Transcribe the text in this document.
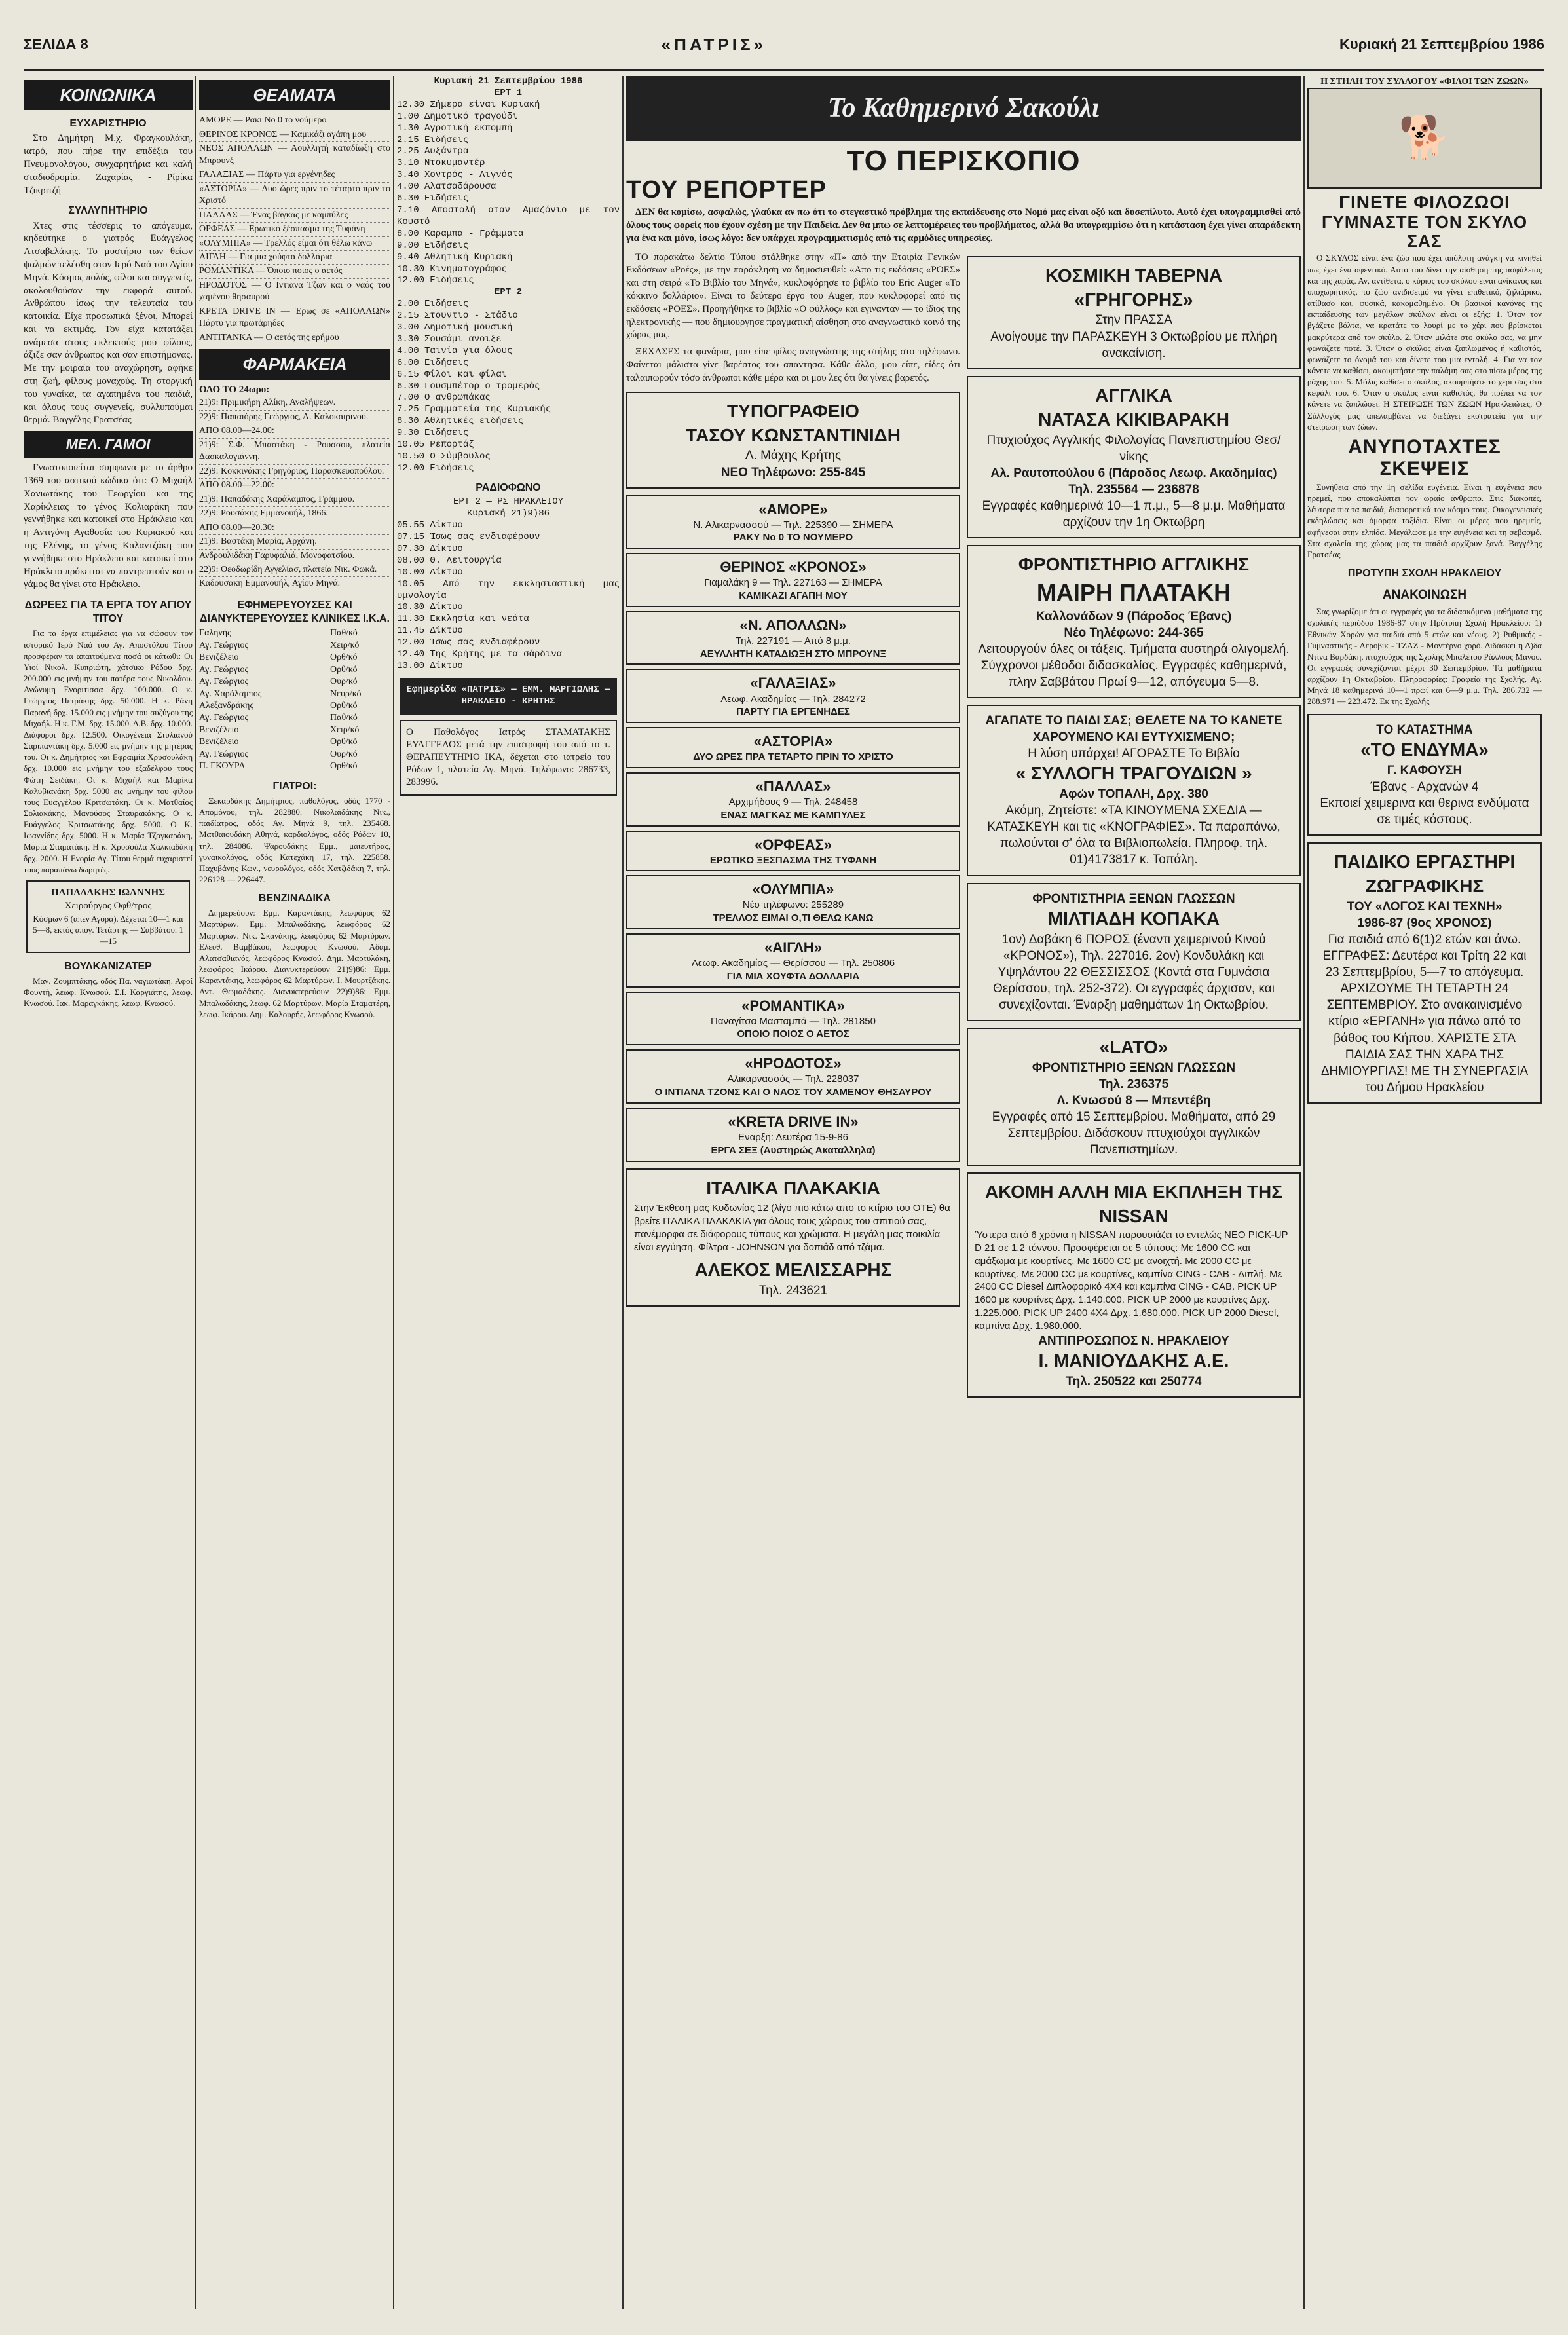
ΣΕΛΙΔΑ 8	«ΠΑΤΡΙΣ»	Κυριακή 21 Σεπτεμβρίου 1986
ΚΟΙΝΩΝΙΚΑ
ΕΥΧΑΡΙΣΤΗΡΙΟ

Στο Δημήτρη Μ.χ. Φραγκουλάκη, ιατρό, που πήρε την επιδέξια του Πνευμονολόγου, συγχαρητήρια και καλή σταδιοδρομία. Ζαχαρίας - Ρίρίκα Τζικριτζή

ΣΥΛΛΥΠΗΤΗΡΙΟ

Χτες στις τέσσερις το απόγευμα, κηδεύτηκε ο γιατρός Ευάγγελος Ατσαβελάκης. Το μυστήριο των θείων ψαλμών τελέσθη στον Ιερό Ναό του Αγίου Μηνά. Κόσμος πολύς, φίλοι και συγγενείς, ακολουθούσαν την εκφορά αυτού. Ανθρώπου ίσως την τελευταία του κατοικία. Είχε προσωπικά ξένοι, Μπορεί και να εκτιμάς. Τον είχα κατατάξει ανάμεσα στους εκλεκτούς μου φίλους, άξιζε σαν άνθρωπος και σαν επιστήμονας. Με την μοιραία του αναχώρηση, αφήκε στη ζωή, φίλους μοναχούς. Τη στοργική του γυναίκα, τα αγαπημένα του παιδιά, και όλους τους συγγενείς, συλλυπούμαι θερμά. Βαγγέλης Γρατσέας

ΜΕΛ. ΓΑΜΟΙ

Γνωστοποιείται συμφωνα με το άρθρο 1369 του αστικού κώδικα ότι: Ο Μιχαήλ Χανιωτάκης του Γεωργίου και της Χαρίκλειας το γένος Κολιαράκη που γεννήθηκε και κατοικεί στο Ηράκλειο και η Αντιγόνη Αγαθοσία του Κυριακού και της Ελένης, το γένος Καλαντζάκη που γεννήθηκε στο Ηράκλειο και κατοικεί στο Ηράκλειο πρόκειται να παντρευτούν και ο γάμος θα γίνει στο Ηράκλειο.

ΔΩΡΕΕΣ ΓΙΑ ΤΑ ΕΡΓΑ ΤΟΥ ΑΓΙΟΥ ΤΙΤΟΥ

Για τα έργα επιμέλειας για να σώσουν τον ιστορικό Ιερό Ναό του Αγ. Αποστόλου Τίτου προσφέραν τα απαιτούμενα ποσά οι κάτωθι: Οι Υιοί Νικολ. Κυπριώτη, χάτσικο Ρόδου δρχ. 200.000 εις μνήμην του πατέρα τους Νικολάου. Ανώνυμη Ενοριτισσα δρχ. 100.000. Ο κ. Γεώργιος Πετράκης δρχ. 50.000. Η κ. Ράνη Παρανή δρχ. 15.000 εις μνήμην του συζύγου της Μιχαήλ. Η κ. Γ.Μ. δρχ. 15.000. Δ.Β. δρχ. 10.000. Διάφοροι δρχ. 12.500. Οικογένεια Στυλιανού Σαριπαντάκη δρχ. 5.000 εις μνήμην της μητέρας του. Οι κ. Δημήτριος και Εφραιμία Χρυσουλάκη δρχ. 10.000 εις μνήμην του εξαδέλφου τους Φώτη Σειδάκη. Οι κ. Μιχαήλ και Μαρίκα Καλυβιανάκη δρχ. 5000 εις μνήμην του φίλου τους Ευαγγέλου Κριτσωτάκη. Οι κ. Ματθαίος Σολιακάκης, Μανούσος Σταυρακάκης. Ο κ. Ευάγγελος Κριτσωτάκης δρχ. 5000. Ο Κ. Ιωαννίδης δρχ. 5000. Η κ. Μαρία Τζαγκαράκη, Μαρία Σταματάκη. Η κ. Χρυσούλα Χαλκιαδάκη δρχ. 2000. Η Ενορία Αγ. Τίτου θερμά ευχαριστεί τους παραπάνω δωρητές.

ΠΑΠΑΔΑΚΗΣ ΙΩΑΝΝΗΣ
Χειρούργος Οφθ/τρος
Κόσμων 6 (απέν Αγορά). Δέχεται 10—1 και 5—8, εκτός απόγ. Τετάρτης — Σαββάτου. 1—15
ΒΟΥΛΚΑΝΙΖΑΤΕΡ

Μαν. Ζουμπτάκης, οδός Πα. ναγιωτάκη. Αφοί Φουντή, λεωφ. Κνωσού. Σ.Ι. Καργιάτης, λεωφ. Κνωσού. Ιακ. Μαραγκάκης, λεωφ. Κνωσού.

ΘΕΑΜΑΤΑ
ΑΜΟΡΕ — Ρακι Νο 0 το νούμερο
ΘΕΡΙΝΟΣ ΚΡΟΝΟΣ — Καμικάζι αγάπη μου
ΝΕΟΣ ΑΠΟΛΛΩΝ — Αουλλητή καταδίωξη στο Μπρουνξ
ΓΑΛΑΞΙΑΣ — Πάρτυ για εργένηδες
«ΑΣΤΟΡΙΑ» — Δυο ώρες πριν το τέταρτο πριν το Χριστό
ΠΑΛΛΑΣ — Ένας βάγκας με καμπύλες
ΟΡΦΕΑΣ — Ερωτικό ξέσπασμα της Τυφάνη
«ΟΛΥΜΠΙΑ» — Τρελλός είμαι ότι θέλω κάνω
ΑΙΓΛΗ — Για μια χούφτα δολλάρια
ΡΟΜΑΝΤΙΚΑ — Όποιο ποιος ο αετός
ΗΡΟΔΟΤΟΣ — Ο Ιντιανα Τζων και ο ναός του χαμένου θησαυρού
ΚΡΕΤΑ DRIVE IN — Έρως σε «ΑΠΟΛΛΩΝ» Πάρτυ για πρωτάρηδες
ΑΝΤΙΤΑΝΚΑ — Ο αετός της ερήμου
ΦΑΡΜΑΚΕΙΑ
ΟΛΟ ΤΟ 24ωρο:
21)9: Πριμικήρη Αλίκη, Αναλήψεων.
22)9: Παπαιόρης Γεώργιος, Λ. Καλοκαιρινού.
ΑΠΟ 08.00—24.00:
21)9: Σ.Φ. Μπαστάκη - Ρουσσου, πλατεία Δασκαλογιάννη.
22)9: Κοκκινάκης Γρηγόριος, Παρασκευοπούλου.
ΑΠΟ 08.00—22.00:
21)9: Παπαδάκης Χαράλαμπος, Γράμμου.
22)9: Ρουσάκης Εμμανουήλ, 1866.
ΑΠΟ 08.00—20.30:
21)9: Βαστάκη Μαρία, Αρχάνη.
Ανδρουλιδάκη Γαρυφαλιά, Μονοφατσίου.
22)9: Θεοδωρίδη Αγγελίασ, πλατεία Νικ. Φωκά.
Καδουσακη Εμμανουήλ, Αγίου Μηνά.
ΕΦΗΜΕΡΕΥΟΥΣΕΣ ΚΑΙ ΔΙΑΝΥΚΤΕΡΕΥΟΥΣΕΣ ΚΛΙΝΙΚΕΣ Ι.Κ.Α.
Γαληνής	Παθ/κό
Αγ. Γεώργιος	Χειρ/κό
Βενιζέλειο	Ορθ/κό
Αγ. Γεώργιος	Ορθ/κό
Αγ. Γεώργιος	Ουρ/κό
Αγ. Χαράλαμπος	Νευρ/κό
Αλεξανδράκης	Ορθ/κό
Αγ. Γεώργιος	Παθ/κό
Βενιζέλειο	Χειρ/κό
Βενιζέλειο	Ορθ/κό
Αγ. Γεώργιος	Ουρ/κό
Π. ΓΚΟΥΡΑ	Ορθ/κό
ΓΙΑΤΡΟΙ:

Ξεκαρδάκης Δημήτριος, παθολόγος, οδός 1770 - Απομόνου, τηλ. 282880. Νικολαϊδάκης Νικ., παιδίατρος, οδός Αγ. Μηνά 9, τηλ. 235468. Ματθαιουδάκη Αθηνά, καρδιολόγος, οδός Ρόδων 10, τηλ. 284086. Ψαρουδάκης Εμμ., μαιευτήρας, γυναικολόγος, οδός Κατεχάκη 17, τηλ. 225858. Παχυβάνης Κων., νευρολόγος, οδός Χατζιδάκη 7, τηλ. 226128 — 226447.

ΒΕΝΖΙΝΑΔΙΚΑ

Διημερεύουν: Εμμ. Καραντάκης, λεωφόρος 62 Μαρτύρων. Εμμ. Μπαλωδάκης, λεωφόρος 62 Μαρτύρων. Νικ. Σκανάκης, λεωφόρος 62 Μαρτύρων. Ελευθ. Βαμβάκου, λεωφόρος Κνωσού. Αδαμ. Αλατσαθιανός, λεωφόρος Κνωσού. Δημ. Μαρτυλάκη, λεωφόρος Ικάρου. Διανυκτερεύουν 21)9)86: Εμμ. Καραντάκης, λεωφόρος 62 Μαρτύρων. Ι. Μουρτζάκης. Αντ. Θωμαδάκης. Διανυκτερεύουν 22)9)86: Εμμ. Μπαλωδάκης, λεωφ. 62 Μαρτύρων. Μαρία Σταματέρη, λεωφ. Ικάρου. Δημ. Καλουρής, λεωφόρος Κνωσού.

Κυριακή 21 Σεπτεμβρίου 1986
ΕΡΤ 1
12.30 Σήμερα είναι Κυριακή
1.00 Δημοτικό τραγούδι
1.30 Αγροτική εκπομπή
2.15 Ειδήσεις
2.25 Αυξάντρα
3.10 Ντοκυμαντέρ
3.40 Χοντρός - Λιγνός
4.00 Αλατσαδάρουσα
6.30 Ειδήσεις
7.10 Αποστολή αταν Αμαζόνιο με τον Κουστό
8.00 Καραμπα - Γράμματα
9.00 Ειδήσεις
9.40 Αθλητική Κυριακή
10.30 Κινηματογράφος
12.00 Ειδήσεις
ΕΡΤ 2
2.00 Ειδήσεις
2.15 Στουντιο - Στάδιο
3.00 Δημοτική μουσική
3.30 Σουσάμι ανοιξε
4.00 Ταινία για όλους
6.00 Ειδήσεις
6.15 Φίλοι και φίλαι
6.30 Γουσμπέτορ ο τρομερός
7.00 Ο ανθρωπάκας
7.25 Γραμματεία της Κυριακής
8.30 Αθλητικές ειδήσεις
9.30 Ειδήσεις
10.05 Ρεπορτάζ
10.50 Ο Σύμβουλος
12.00 Ειδήσεις
ΡΑΔΙΟΦΩΝΟ
ΕΡΤ 2 — ΡΣ ΗΡΑΚΛΕΙΟΥ
Κυριακή 21)9)86
05.55 Δίκτυο
07.15 Ίσως σας ενδιαφέρουν
07.30 Δίκτυο
08.00 Θ. Λειτουργία
10.00 Δίκτυο
10.05 Από την εκκλησιαστική μας υμνολογία
10.30 Δίκτυο
11.30 Εκκλησία και νεάτα
11.45 Δίκτυο
12.00 Ίσως σας ενδιαφέρουν
12.40 Της Κρήτης με τα σάρδινα
13.00 Δίκτυο
Εφημερίδα «ΠΑΤΡΙΣ» — ΕΜΜ. ΜΑΡΓΙΩΛΗΣ — ΗΡΑΚΛΕΙΟ - ΚΡΗΤΗΣ
Ο Παθολόγος Ιατρός ΣΤΑΜΑΤΑΚΗΣ ΕΥΑΓΓΕΛΟΣ μετά την επιστροφή του από το τ. ΘΕΡΑΠΕΥΤΗΡΙΟ ΙΚΑ, δέχεται στο ιατρείο του Ρόδων 1, πλατεία Αγ. Μηνά. Τηλέφωνο: 286733, 283996.
Το Καθημερινό Σακούλι
ΤΟ ΠΕΡΙΣΚΟΠΙΟ
ΤΟΥ ΡΕΠΟΡΤΕΡ

ΔΕΝ θα κομίσω, ασφαλώς, γλαύκα αν πω ότι το στεγαστικό πρόβλημα της εκπαίδευσης στο Νομό μας είναι οξύ και δυσεπίλυτο. Αυτό έχει υπογραμμισθεί από όλους τους φορείς που έχουν σχέση με την Παιδεία. Δεν θα μπω σε λεπτομέρειες του προβλήματος, αλλά θα υπογραμμίσω ότι η κατάσταση έχει γίνει απαράδεκτη για ένα και μόνο, ίσως λόγο: δεν υπάρχει προγραμματισμός από τις αρμόδιες υπηρεσίες.

ΤΟ παρακάτω δελτίο Τύπου στάλθηκε στην «Π» από την Εταιρία Γενικών Εκδόσεων «Ροές», με την παράκληση να δημοσιευθεί: «Απο τις εκδόσεις «ΡΟΕΣ» και στη σειρά «Το Βιβλίο του Μηνά», κυκλοφόρησε το βιβλίο του Eric Auger «Το κόκκινο δολλάριο». Είναι το δεύτερο έργο του Auger, που κυκλοφορεί από τις εκδόσεις «ΡΟΕΣ». Προηγήθηκε το βιβλίο «Ο φύλλος» και εγινανταν — το ίδιος της ηλεκτρονικής — που δημιουργησε πραγματική αίσθηση στο αναγνωστικό κοινό της χώρας μας.

ΞΕΧΑΣΕΣ τα φανάρια, μου είπε φίλος αναγνώστης της στήλης στο τηλέφωνο. Φαίνεται μάλιστα γίνε βαρέστος του απαντησα. Κάθε άλλο, μου είπε, είδες ότι ταλαιπωρούν τόσο άνθρωποι κάθε μέρα και οι μου λες ότι θα γίνεις βαρετός.

ΤΥΠΟΓΡΑΦΕΙΟ
ΤΑΣΟΥ ΚΩΝΣΤΑΝΤΙΝΙΔΗ
Λ. Μάχης Κρήτης
ΝΕΟ Τηλέφωνο: 255-845
«ΑΜΟΡΕ»
Ν. Αλικαρνασσού — Τηλ. 225390 — ΣΗΜΕΡΑ
ΡΑΚΥ Νο 0 ΤΟ ΝΟΥΜΕΡΟ
ΘΕΡΙΝΟΣ «ΚΡΟΝΟΣ»
Γιαμαλάκη 9 — Τηλ. 227163 — ΣΗΜΕΡΑ
ΚΑΜΙΚΑΖΙ ΑΓΑΠΗ ΜΟΥ
«Ν. ΑΠΟΛΛΩΝ»
Τηλ. 227191 — Από 8 μ.μ.
ΑΕΥΛΛΗΤΗ ΚΑΤΑΔΙΩΞΗ ΣΤΟ ΜΠΡΟΥΝΞ
«ΓΑΛΑΞΙΑΣ»
Λεωφ. Ακαδημίας — Τηλ. 284272
ΠΑΡΤΥ ΓΙΑ ΕΡΓΕΝΗΔΕΣ
«ΑΣΤΟΡΙΑ»
ΔΥΟ ΩΡΕΣ ΠΡΑ ΤΕΤΑΡΤΟ ΠΡΙΝ ΤΟ ΧΡΙΣΤΟ
«ΠΑΛΛΑΣ»
Αρχιμήδους 9 — Τηλ. 248458
ΕΝΑΣ ΜΑΓΚΑΣ ΜΕ ΚΑΜΠΥΛΕΣ
«ΟΡΦΕΑΣ»
ΕΡΩΤΙΚΟ ΞΕΣΠΑΣΜΑ ΤΗΣ ΤΥΦΑΝΗ
«ΟΛΥΜΠΙΑ»
Νέο τηλέφωνο: 255289
ΤΡΕΛΛΟΣ ΕΙΜΑΙ Ο,ΤΙ ΘΕΛΩ ΚΑΝΩ
«ΑΙΓΛΗ»
Λεωφ. Ακαδημίας — Θερίσσου — Τηλ. 250806
ΓΙΑ ΜΙΑ ΧΟΥΦΤΑ ΔΟΛΛΑΡΙΑ
«ΡΟΜΑΝΤΙΚΑ»
Παναγίτσα Μασταμπά — Τηλ. 281850
ΟΠΟΙΟ ΠΟΙΟΣ Ο ΑΕΤΟΣ
«ΗΡΟΔΟΤΟΣ»
Αλικαρνασσός — Τηλ. 228037
Ο ΙΝΤΙΑΝΑ ΤΖΟΝΣ ΚΑΙ Ο ΝΑΟΣ ΤΟΥ ΧΑΜΕΝΟΥ ΘΗΣΑΥΡΟΥ
«KRETA DRIVE IN»
Εναρξη: Δευτέρα 15-9-86
ΕΡΓΑ ΣΕΞ (Αυστηρώς Ακαταλληλα)
ΙΤΑΛΙΚΑ ΠΛΑΚΑΚΙΑ

Στην Έκθεση μας Κυδωνίας 12 (λίγο πιο κάτω απο το κτίριο του ΟΤΕ) θα βρείτε ΙΤΑΛΙΚΑ ΠΛΑΚΑΚΙΑ για όλους τους χώρους του σπιτιού σας, πανέμορφα σε διάφορους τύπους και χρώματα. Η μεγάλη μας ποικιλία είναι εγγύηση. Φίλτρα - JOHNSON για δοπιάδ από τζάμα.

ΑΛΕΚΟΣ ΜΕΛΙΣΣΑΡΗΣ
Τηλ. 243621
ΚΟΣΜΙΚΗ ΤΑΒΕΡΝΑ
«ΓΡΗΓΟΡΗΣ»
Στην ΠΡΑΣΣΑ
Ανοίγουμε την ΠΑΡΑΣΚΕΥΗ 3 Οκτωβρίου με πλήρη ανακαίνιση.
ΑΓΓΛΙΚΑ
ΝΑΤΑΣΑ ΚΙΚΙΒΑΡΑΚΗ
Πτυχιούχος Αγγλικής Φιλολογίας Πανεπιστημίου Θεσ/νίκης
Αλ. Ραυτοπούλου 6 (Πάροδος Λεωφ. Ακαδημίας)
Τηλ. 235564 — 236878
Εγγραφές καθημερινά 10—1 π.μ., 5—8 μ.μ. Μαθήματα αρχίζουν την 1η Οκτωβρη
ΦΡΟΝΤΙΣΤΗΡΙΟ ΑΓΓΛΙΚΗΣ
ΜΑΙΡΗ ΠΛΑΤΑΚΗ
Καλλονάδων 9 (Πάροδος Έβανς)
Νέο Τηλέφωνο: 244-365
Λειτουργούν όλες οι τάξεις. Τμήματα αυστηρά ολιγομελή. Σύγχρονοι μέθοδοι διδασκαλίας. Εγγραφές καθημερινά, πλην Σαββάτου Πρωί 9—12, απόγευμα 5—8.
ΑΓΑΠΑΤΕ ΤΟ ΠΑΙΔΙ ΣΑΣ; ΘΕΛΕΤΕ ΝΑ ΤΟ ΚΑΝΕΤΕ ΧΑΡΟΥΜΕΝΟ ΚΑΙ ΕΥΤΥΧΙΣΜΕΝΟ;
Η λύση υπάρχει! ΑΓΟΡΑΣΤΕ Το Βιβλίο
« ΣΥΛΛΟΓΗ ΤΡΑΓΟΥΔΙΩΝ »
Αφών ΤΟΠΑΛΗ, Δρχ. 380
Ακόμη, Ζητείστε: «ΤΑ ΚΙΝΟΥΜΕΝΑ ΣΧΕΔΙΑ — ΚΑΤΑΣΚΕΥΗ και τις «ΚΝΟΓΡΑΦΙΕΣ». Τα παραπάνω, πωλούνται σ' όλα τα Βιβλιοπωλεία. Πληροφ. τηλ. 01)4173817 κ. Τοπάλη.
ΦΡΟΝΤΙΣΤΗΡΙΑ ΞΕΝΩΝ ΓΛΩΣΣΩΝ
ΜΙΛΤΙΑΔΗ ΚΟΠΑΚΑ
1ον) Δαβάκη 6 ΠΟΡΟΣ (έναντι χειμερινού Κινού «ΚΡΟΝΟΣ»), Τηλ. 227016. 2ον) Κονδυλάκη και Υψηλάντου 22 ΘΕΣΣΙΣΣΟΣ (Κοντά στα Γυμνάσια Θερίσσου, τηλ. 252-372). Οι εγγραφές άρχισαν, και συνεχίζονται. Έναρξη μαθημάτων 1η Οκτωβρίου.
«LATO»
ΦΡΟΝΤΙΣΤΗΡΙΟ ΞΕΝΩΝ ΓΛΩΣΣΩΝ
Τηλ. 236375
Λ. Κνωσού 8 — Μπεντέβη
Εγγραφές από 15 Σεπτεμβρίου. Μαθήματα, από 29 Σεπτεμβρίου. Διδάσκουν πτυχιούχοι αγγλικών Πανεπιστημίων.
ΑΚΟΜΗ ΑΛΛΗ ΜΙΑ ΕΚΠΛΗΞΗ ΤΗΣ NISSAN
Ύστερα από 6 χρόνια η NISSAN παρουσιάζει το εντελώς ΝΕΟ PICK-UP D 21 σε 1,2 τόννου. Προσφέρεται σε 5 τύπους: Με 1600 CC και αμάξωμα με κουρτίνες. Με 1600 CC με ανοιχτή. Με 2000 CC με κουρτίνες. Με 2000 CC με κουρτίνες, καμπίνα CING - CAB - Διπλή. Με 2400 CC Diesel Διπλοφορικό 4X4 και καμπίνα CING - CAB. PICK UP 1600 με κουρτίνες Δρχ. 1.140.000. PICK UP 2000 με κουρτίνες Δρχ. 1.225.000. PICK UP 2400 4X4 Δρχ. 1.680.000. PICK UP 2000 Diesel, καμπίνα Δρχ. 1.980.000.
ΑΝΤΙΠΡΟΣΩΠΟΣ Ν. ΗΡΑΚΛΕΙΟΥ
Ι. ΜΑΝΙΟΥΔΑΚΗΣ Α.Ε.
Τηλ. 250522 και 250774
Η ΣΤΗΛΗ ΤΟΥ ΣΥΛΛΟΓΟΥ «ΦΙΛΟΙ ΤΩΝ ΖΩΩΝ»
🐕
ΓΙΝΕΤΕ ΦΙΛΟΖΩΟΙ
ΓΥΜΝΑΣΤΕ ΤΟΝ ΣΚΥΛΟ ΣΑΣ

Ο ΣΚΥΛΟΣ είναι ένα ζώο που έχει απόλυτη ανάγκη να κινηθεί πως έχει ένα αφεντικό. Αυτό του δίνει την αίσθηση της ασφάλειας και της χαράς. Αν, αντίθετα, ο κύριος του σκύλου είναι ανίκανος και υποχωρητικός, το ζώο ανιδισειμό να γίνει επιθετικό, ζηλιάρικο, ατίθασο και, φυσικά, κακομαθημένο. Οι βασικοί κανόνες της εκπαίδευσης των μεγάλων σκύλων είναι οι εξής: 1. Όταν τον βγάζετε βόλτα, να κρατάτε το λουρί με το χέρι που βρίσκεται μακρύτερα από τον σκύλο. 2. Όταν μιλάτε στο σκύλο σας, να μην φωνάζετε ποτέ. 3. Όταν ο σκύλος είναι ξαπλωμένος ή καθιστός, φωνάζετε το όνομά του και δίνετε του μια εντολή. 4. Για να τον κάνετε να καθίσει, ακουμπήστε την παλάμη σας στο πίσω μέρος της ράχης του. 5. Μόλις καθίσει ο σκύλος, ακουμπήστε το χέρι σας στο κεφάλι του. 6. Όταν ο σκύλος είναι καθιστός, θα πρέπει να τον κάνετε να ξαπλώσει. Η ΣΤΕΙΡΩΣΗ ΤΩΝ ΖΩΩΝ Ηρακλειώτες, Ο Σύλλογός μας απελαμβάνει να διεξάγει εκστρατεία για την στείρωση των ζώων.

ΑΝΥΠΟΤΑΧΤΕΣ ΣΚΕΨΕΙΣ

Συνήθεια από την 1η σελίδα ευγένεια. Είναι η ευγένεια που ηρεμεί, που αποκαλύπτει τον ωραίο άνθρωπο. Στις διακοπές, λέυτερα πια τα παιδιά, διαφορετικά τον κόσμο τους. Οικογενειακές εκδηλώσεις και όμορφα ταξίδια. Είναι οι μέρες που ηρεμείς, αφήνεσαι στην ελπίδα. Μεγάλωσε με την ευγένεια και τη σεβασμό. Στα σχολεία της χώρας μας τα παιδιά αρχίζουν ξανά. Βαγγέλης Γρατσέας

ΠΡΟΤΥΠΗ ΣΧΟΛΗ ΗΡΑΚΛΕΙΟΥ
ΑΝΑΚΟΙΝΩΣΗ

Σας γνωρίζομε ότι οι εγγραφές για τα διδασκόμενα μαθήματα της σχολικής περιόδου 1986-87 στην Πρότυπη Σχολή Ηρακλείου: 1) Εθνικών Χορών για παιδιά από 5 ετών και νέους. 2) Ρυθμικής - Γυμναστικής - Αεροβικ - TZAZ - Μοντέρνο χορό. Διδάσκει η Δ)δα Ντίνα Βαρδάκη, πτυχιούχος της Σχολής Μπαλέτου Ράλλους Μάνου. Οι εγγραφές συνεχίζονται μέχρι 30 Σεπτεμβρίου. Τα μαθήματα αρχίζουν 1η Οκτωβρίου. Πληροφορίες: Γραφεία της Σχολής, Αγ. Μηνά 18 καθημερινά 10—1 πρωί και 6—9 μ.μ. Τηλ. 286.732 — 288.971 — 223.472. Εκ της Σχολής

ΤΟ ΚΑΤΑΣΤΗΜΑ
«ΤΟ ΕΝΔΥΜΑ»
Γ. ΚΑΦΟΥΣΗ
Έβανς - Αρχανών 4
Εκποιεί χειμερινα και θερινα ενδύματα σε τιμές κόστους.
ΠΑΙΔΙΚΟ ΕΡΓΑΣΤΗΡΙ ΖΩΓΡΑΦΙΚΗΣ
ΤΟΥ «ΛΟΓΟΣ ΚΑΙ ΤΕΧΝΗ»
1986-87 (9ος ΧΡΟΝΟΣ)
Για παιδιά από 6(1)2 ετών και άνω. ΕΓΓΡΑΦΕΣ: Δευτέρα και Τρίτη 22 και 23 Σεπτεμβρίου, 5—7 το απόγευμα. ΑΡΧΙΖΟΥΜΕ ΤΗ ΤΕΤΑΡΤΗ 24 ΣΕΠΤΕΜΒΡΙΟΥ. Στο ανακαινισμένο κτίριο «ΕΡΓΑΝΗ» για πάνω από το βάθος του Κήπου. ΧΑΡΙΣΤΕ ΣΤΑ ΠΑΙΔΙΑ ΣΑΣ ΤΗΝ ΧΑΡΑ ΤΗΣ ΔΗΜΙΟΥΡΓΙΑΣ! ΜΕ ΤΗ ΣΥΝΕΡΓΑΣΙΑ του Δήμου Ηρακλείου
